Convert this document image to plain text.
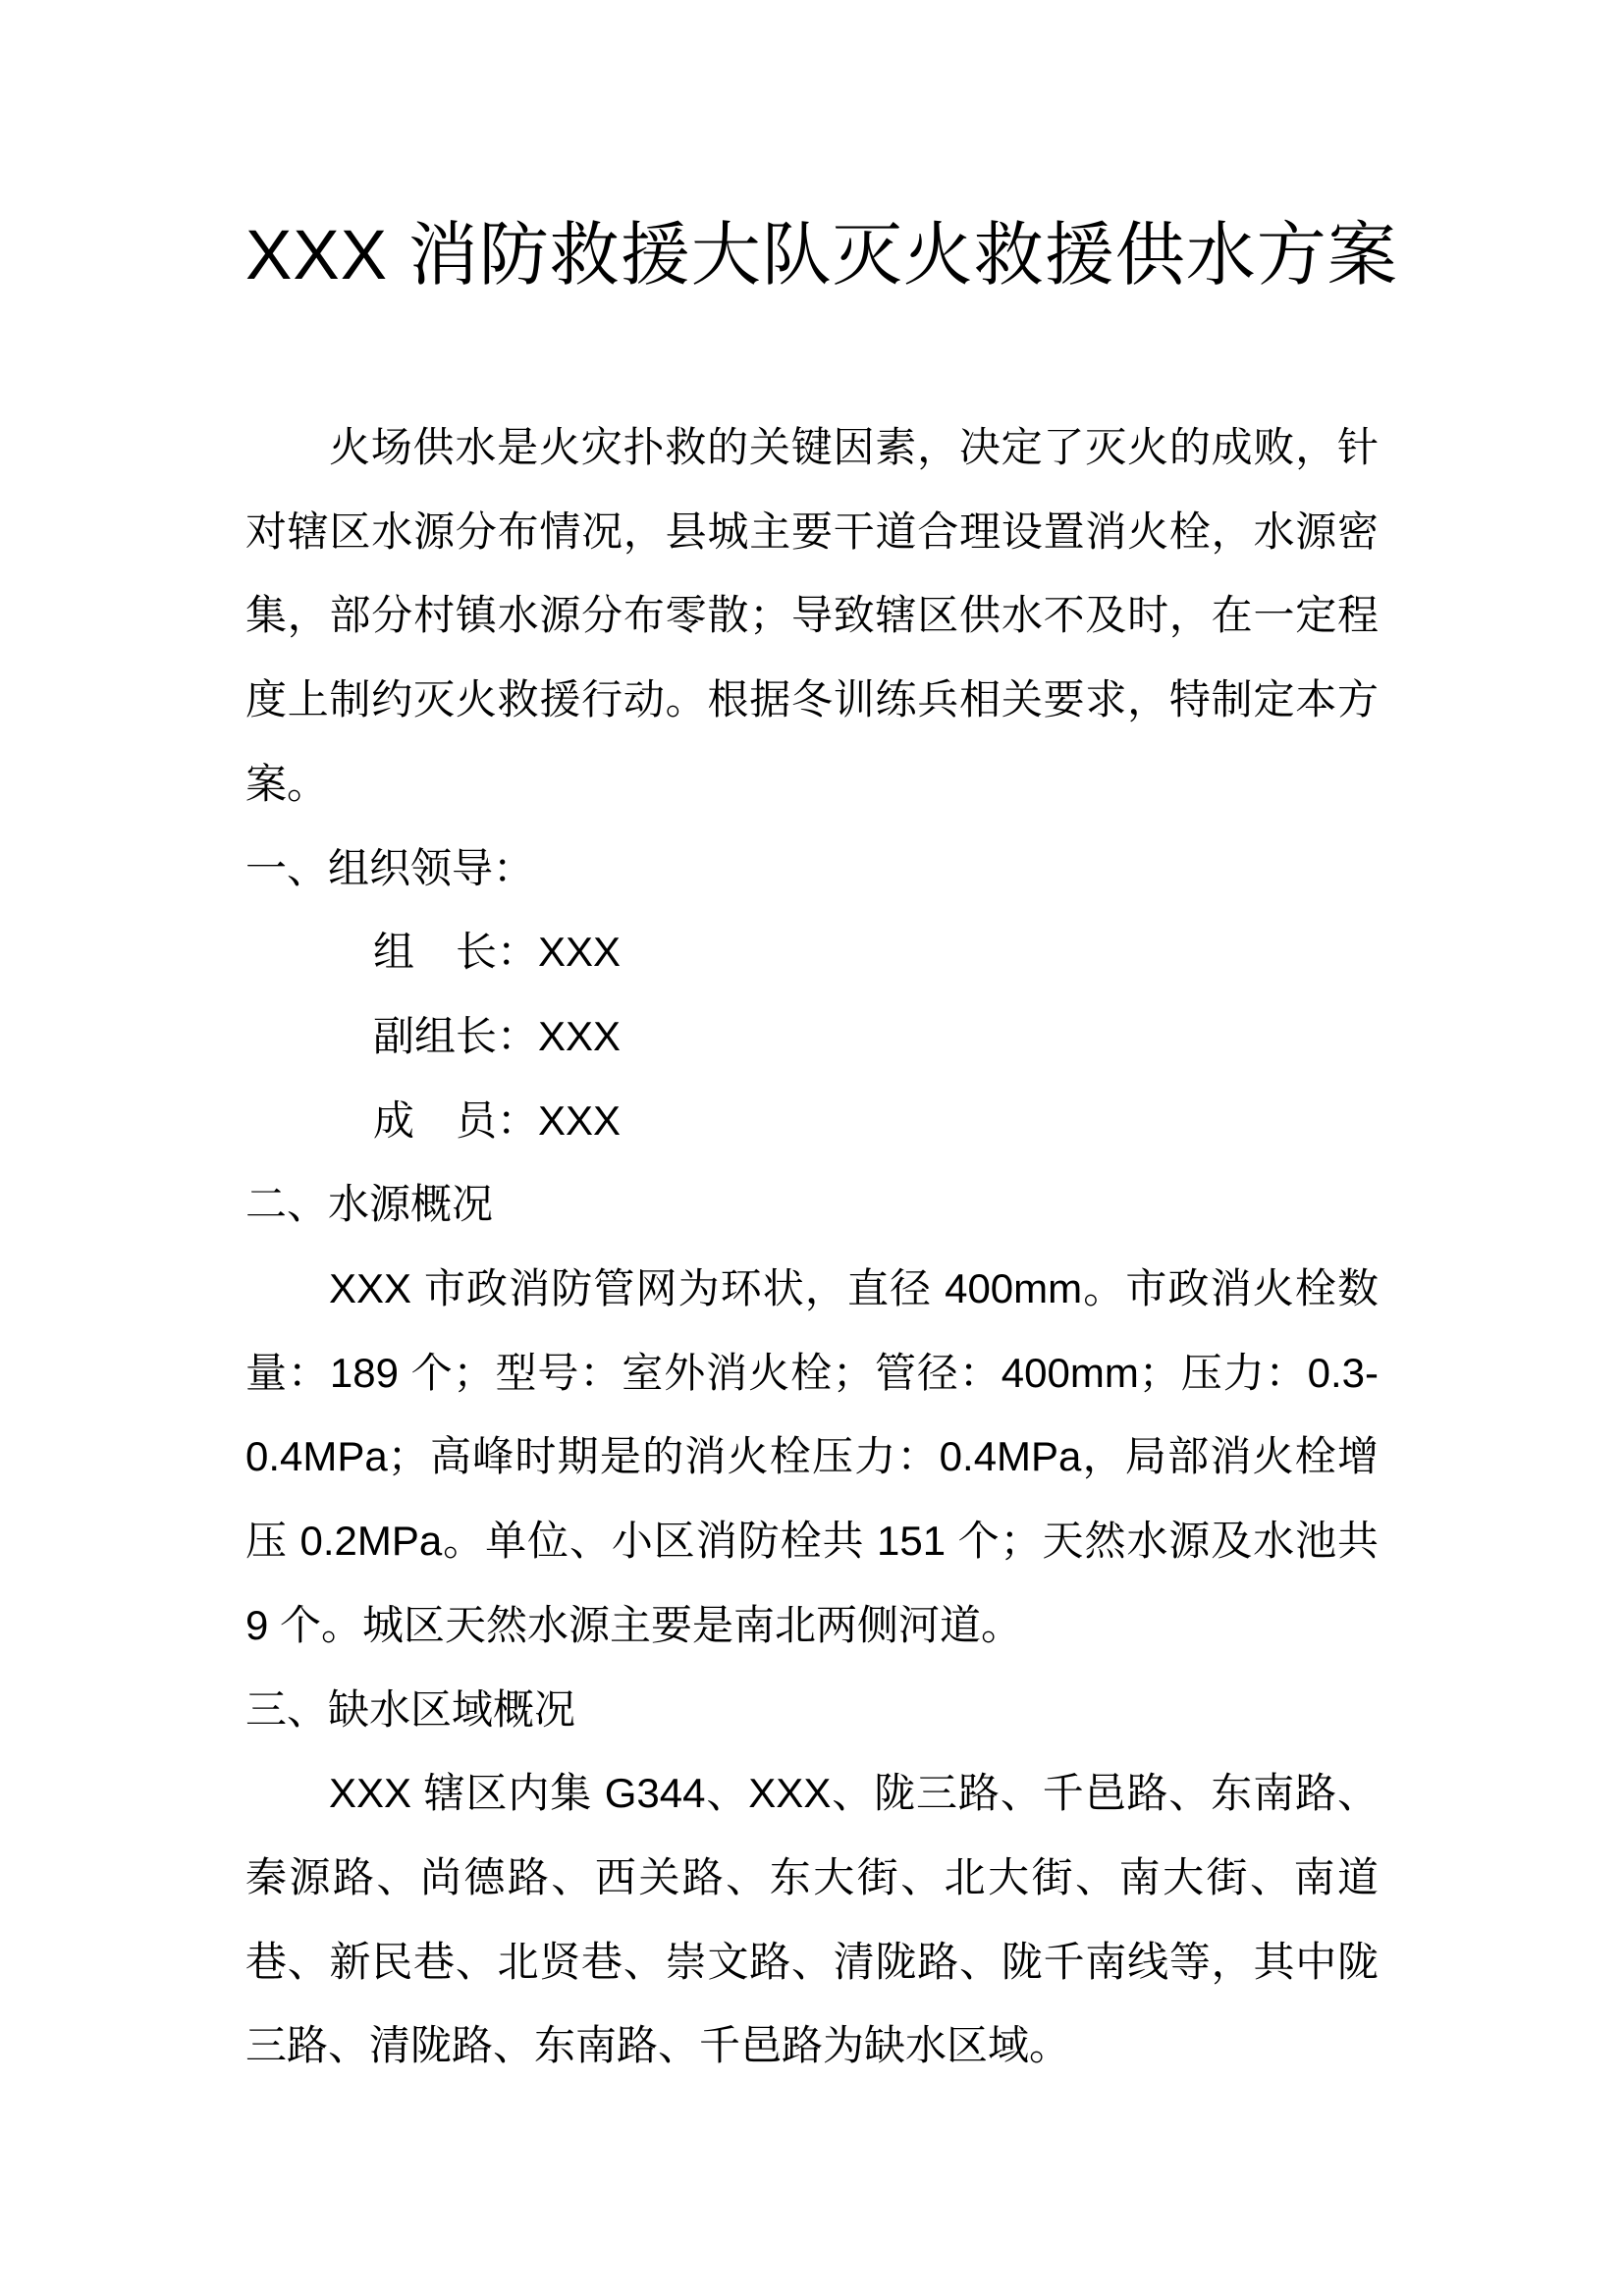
XXX 消防救援大队灭火救援供水方案

火场供水是火灾扑救的关键因素，决定了灭火的成败，针对辖区水源分布情况，县城主要干道合理设置消火栓，水源密集，部分村镇水源分布零散；导致辖区供水不及时，在一定程度上制约灭火救援行动。根据冬训练兵相关要求，特制定本方案。

一、组织领导：

组　长：XXX

副组长：XXX

成　员：XXX

二、水源概况

XXX 市政消防管网为环状，直径 400mm。市政消火栓数量：189 个；型号：室外消火栓；管径：400mm；压力：0.3-0.4MPa；高峰时期是的消火栓压力：0.4MPa，局部消火栓增压 0.2MPa。单位、小区消防栓共 151 个；天然水源及水池共 9 个。城区天然水源主要是南北两侧河道。

三、缺水区域概况

XXX 辖区内集 G344、XXX、陇三路、千邑路、东南路、秦源路、尚德路、西关路、东大街、北大街、南大街、南道巷、新民巷、北贤巷、崇文路、清陇路、陇千南线等，其中陇三路、清陇路、东南路、千邑路为缺水区域。
